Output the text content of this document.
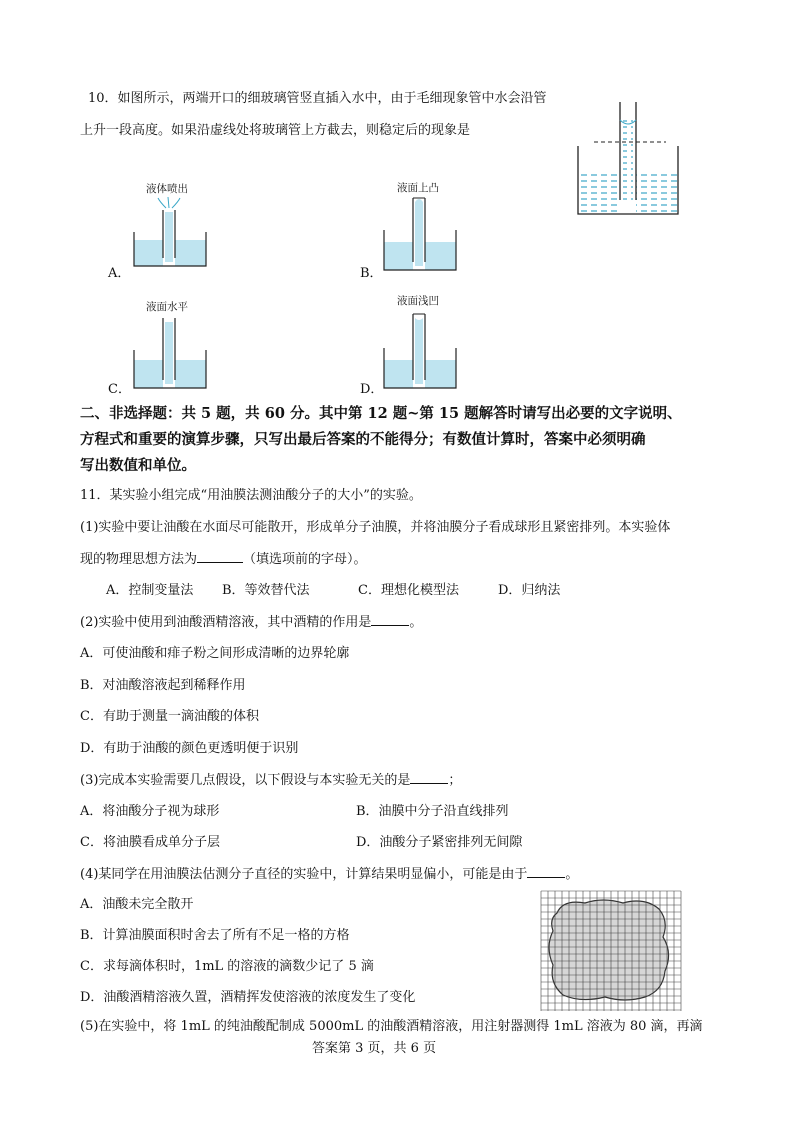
10．如图所示，两端开口的细玻璃管竖直插入水中，由于毛细现象管中水会沿管
上升一段高度。如果沿虚线处将玻璃管上方截去，则稳定后的现象是
液体喷出
A．
液面上凸
B．
液面水平
C．
液面浅凹
D．
二、非选择题：共 5 题，共 60 分。其中第 12 题~第 15 题解答时请写出必要的文字说明、
方程式和重要的演算步骤，只写出最后答案的不能得分；有数值计算时，答案中必须明确
写出数值和单位。
11．某实验小组完成“用油膜法测油酸分子的大小”的实验。
(1)实验中要让油酸在水面尽可能散开，形成单分子油膜，并将油膜分子看成球形且紧密排列。本实验体
现的物理思想方法为	（填选项前的字母）。
A．控制变量法 B．等效替代法	C．理想化模型法	D．归纳法
(2)实验中使用到油酸酒精溶液，其中酒精的作用是	。
A．可使油酸和痱子粉之间形成清晰的边界轮廓
B．对油酸溶液起到稀释作用
C．有助于测量一滴油酸的体积
D．有助于油酸的颜色更透明便于识别
(3)完成本实验需要几点假设，以下假设与本实验无关的是	；
A．将油酸分子视为球形	B．油膜中分子沿直线排列
C．将油膜看成单分子层	D．油酸分子紧密排列无间隙
(4)某同学在用油膜法估测分子直径的实验中，计算结果明显偏小，可能是由于	。
A．油酸未完全散开
B．计算油膜面积时舍去了所有不足一格的方格
C．求每滴体积时，1mL 的溶液的滴数少记了 5 滴
D．油酸酒精溶液久置，酒精挥发使溶液的浓度发生了变化
(5)在实验中，将 1mL 的纯油酸配制成 5000mL 的油酸酒精溶液，用注射器测得 1mL 溶液为 80 滴，再滴
答案第 3 页，共 6 页
